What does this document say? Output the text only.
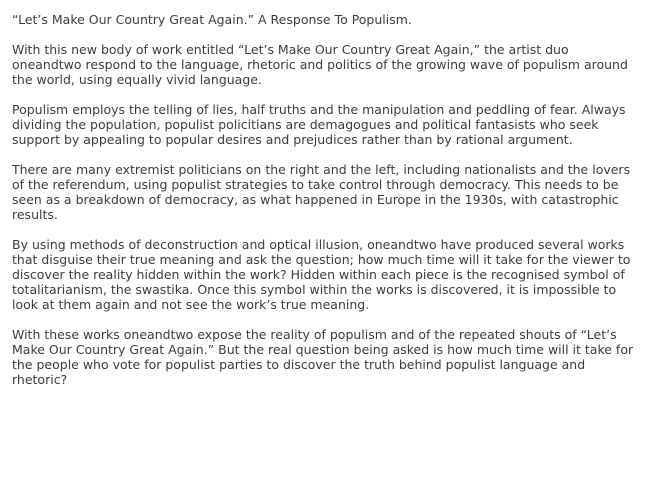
“Let’s Make Our Country Great Again.” A Response To Populism.

With this new body of work entitled “Let’s Make Our Country Great Again,” the artist duo oneandtwo respond to the language, rhetoric and politics of the growing wave of populism around the world, using equally vivid language.

Populism employs the telling of lies, half truths and the manipulation and peddling of fear. Always dividing the population, populist policitians are demagogues and political fantasists who seek support by appealing to popular desires and prejudices rather than by rational argument.

There are many extremist politicians on the right and the left, including nationalists and the lovers of the referendum, using populist strategies to take control through democracy. This needs to be seen as a breakdown of democracy, as what happened in Europe in the 1930s, with catastrophic results.

By using methods of deconstruction and optical illusion, oneandtwo have produced several works that disguise their true meaning and ask the question; how much time will it take for the viewer to discover the reality hidden within the work? Hidden within each piece is the recognised symbol of totalitarianism, the swastika. Once this symbol within the works is discovered, it is impossible to look at them again and not see the work’s true meaning.

With these works oneandtwo expose the reality of populism and of the repeated shouts of “Let’s Make Our Country Great Again.” But the real question being asked is how much time will it take for the people who vote for populist parties to discover the truth behind populist language and rhetoric?
